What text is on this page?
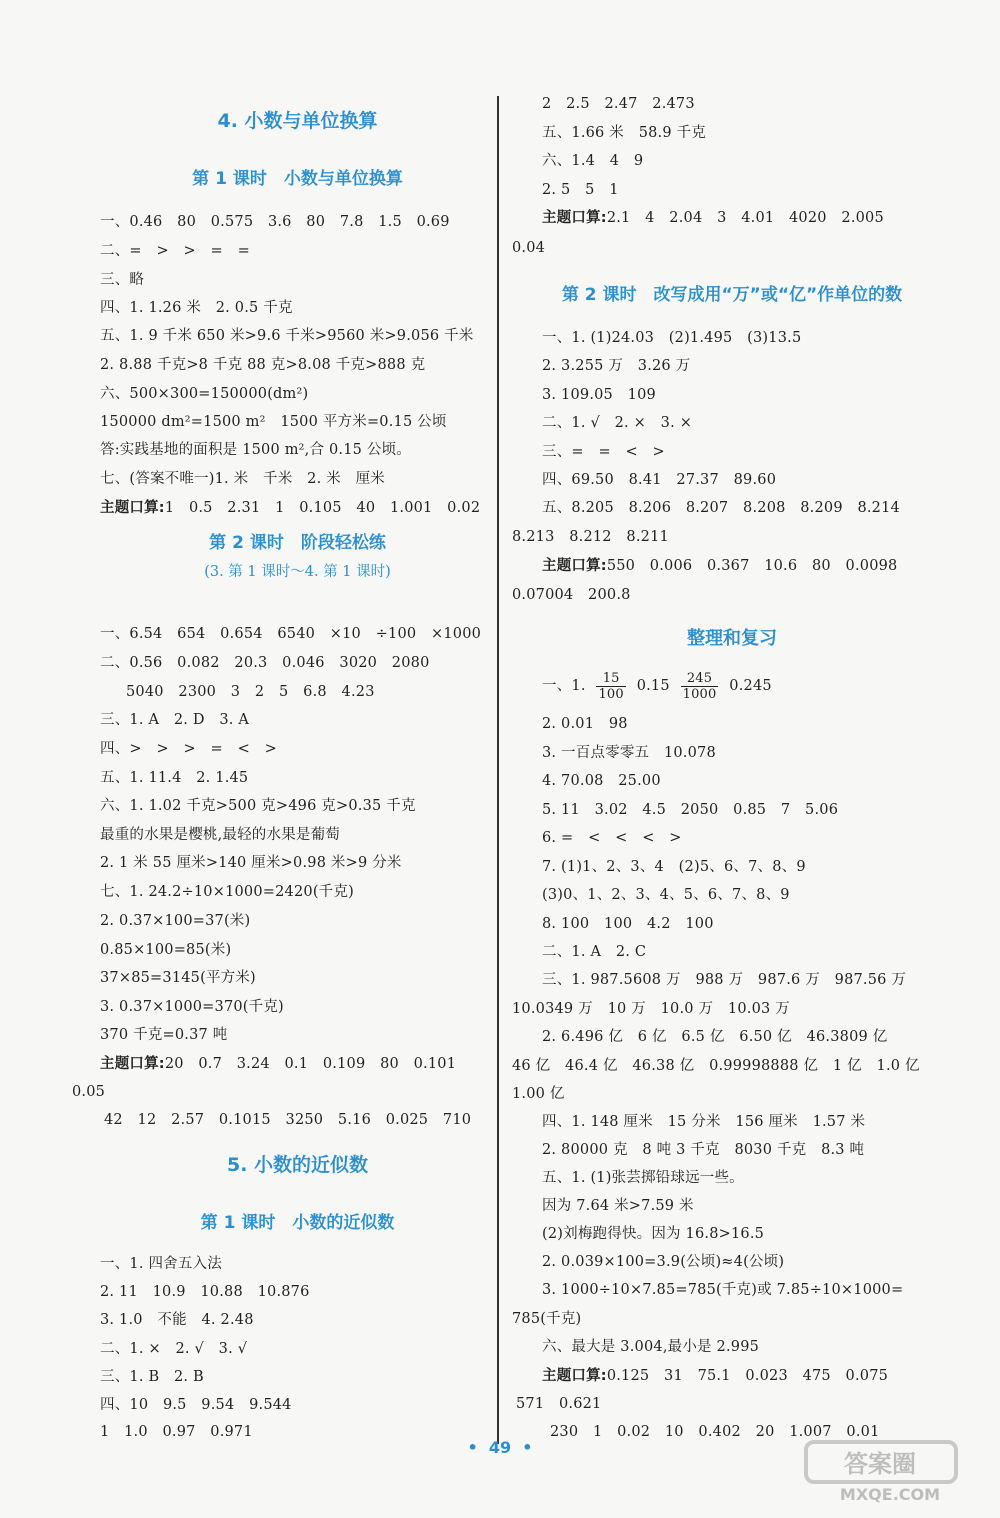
4. 小数与单位换算
第 1 课时　小数与单位换算
一、0.46　80　0.575　3.6　80　7.8　1.5　0.69
二、=　>　>　=　=
三、略
四、1. 1.26 米　2. 0.5 千克
五、1. 9 千米 650 米>9.6 千米>9560 米>9.056 千米
2. 8.88 千克>8 千克 88 克>8.08 千克>888 克
六、500×300=150000(dm²)
150000 dm²=1500 m²　1500 平方米=0.15 公顷
答:实践基地的面积是 1500 m²,合 0.15 公顷。
七、(答案不唯一)1. 米　千米　2. 米　厘米
主题口算:1　0.5　2.31　1　0.105　40　1.001　0.02
第 2 课时　阶段轻松练
(3. 第 1 课时～4. 第 1 课时)
一、6.54　654　0.654　6540　×10　÷100　×1000
二、0.56　0.082　20.3　0.046　3020　2080
5040　2300　3　2　5　6.8　4.23
三、1. A　2. D　3. A
四、>　>　>　=　<　>
五、1. 11.4　2. 1.45
六、1. 1.02 千克>500 克>496 克>0.35 千克
最重的水果是樱桃,最轻的水果是葡萄
2. 1 米 55 厘米>140 厘米>0.98 米>9 分米
七、1. 24.2÷10×1000=2420(千克)
2. 0.37×100=37(米)
0.85×100=85(米)
37×85=3145(平方米)
3. 0.37×1000=370(千克)
370 千克=0.37 吨
主题口算:20　0.7　3.24　0.1　0.109　80　0.101
0.05
42　12　2.57　0.1015　3250　5.16　0.025　710
5. 小数的近似数
第 1 课时　小数的近似数
一、1. 四舍五入法
2. 11　10.9　10.88　10.876
3. 1.0　不能　4. 2.48
二、1. ×　2. √　3. √
三、1. B　2. B
四、10　9.5　9.54　9.544
1　1.0　0.97　0.971
2　2.5　2.47　2.473
五、1.66 米　58.9 千克
六、1.4　4　9
2. 5　5　1
主题口算:2.1　4　2.04　3　4.01　4020　2.005
0.04
第 2 课时　改写成用“万”或“亿”作单位的数
一、1. (1)24.03　(2)1.495　(3)13.5
2. 3.255 万　3.26 万
3. 109.05　109
二、1. √　2. ×　3. ×
三、=　=　<　>
四、69.50　8.41　27.37　89.60
五、8.205　8.206　8.207　8.208　8.209　8.214
8.213　8.212　8.211
主题口算:550　0.006　0.367　10.6　80　0.0098
0.07004　200.8
整理和复习
一、1. $\frac{15}{100} 0.15 \frac{245}{1000} 0.245$
2. 0.01　98
3. 一百点零零五　10.078
4. 70.08　25.00
5. 11　3.02　4.5　2050　0.85　7　5.06
6. =　<　<　<　>
7. (1)1、2、3、4　(2)5、6、7、8、9
(3)0、1、2、3、4、5、6、7、8、9
8. 100　100　4.2　100
二、1. A　2. C
三、1. 987.5608 万　988 万　987.6 万　987.56 万
10.0349 万　10 万　10.0 万　10.03 万
2. 6.496 亿　6 亿　6.5 亿　6.50 亿　46.3809 亿
46 亿　46.4 亿　46.38 亿　0.99998888 亿　1 亿　1.0 亿
1.00 亿
四、1. 148 厘米　15 分米　156 厘米　1.57 米
2. 80000 克　8 吨 3 千克　8030 千克　8.3 吨
五、1. (1)张芸掷铅球远一些。
因为 7.64 米>7.59 米
(2)刘梅跑得快。因为 16.8>16.5
2. 0.039×100=3.9(公顷)≈4(公顷)
3. 1000÷10×7.85=785(千克)或 7.85÷10×1000=
785(千克)
六、最大是 3.004,最小是 2.995
主题口算:0.125　31　75.1　0.023　475　0.075
571　0.621
230　1　0.02　10　0.402　20　1.007　0.01
•  49  •
答案圈
MXQE.COM
